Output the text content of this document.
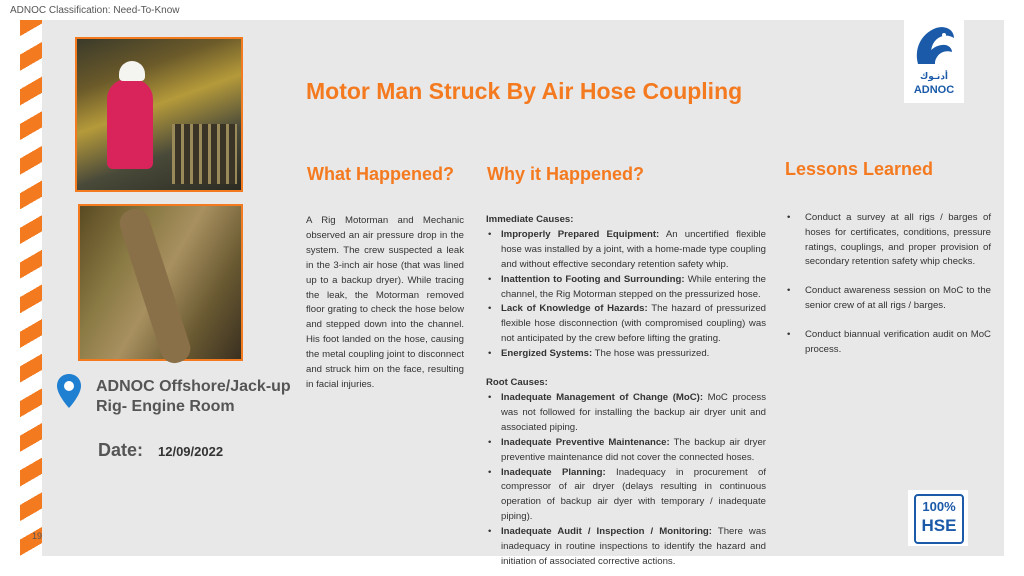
ADNOC Classification: Need-To-Know
Motor Man Struck By Air Hose Coupling
What Happened?	Why it Happened?	Lessons Learned
A Rig Motorman and Mechanic observed an air pressure drop in the system. The crew suspected a leak in the 3-inch air hose (that was lined up to a backup dryer). While tracing the leak, the Motorman removed floor grating to check the hose below and stepped down into the channel. His foot landed on the hose, causing the metal coupling joint to disconnect and struck him on the face, resulting in facial injuries.
Immediate Causes:
• Improperly Prepared Equipment: An uncertified flexible hose was installed by a joint, with a home-made type coupling and without effective secondary retention safety whip.
• Inattention to Footing and Surrounding: While entering the channel, the Rig Motorman stepped on the pressurized hose.
• Lack of Knowledge of Hazards: The hazard of pressurized flexible hose disconnection (with compromised coupling) was not anticipated by the crew before lifting the grating.
• Energized Systems: The hose was pressurized.
Root Causes:
• Inadequate Management of Change (MoC): MoC process was not followed for installing the backup air dryer unit and associated piping.
• Inadequate Preventive Maintenance: The backup air dryer preventive maintenance did not cover the connected hoses.
• Inadequate Planning: Inadequacy in procurement of compressor of air dryer (delays resulting in continuous operation of backup air dyer with temporary / inadequate piping).
• Inadequate Audit / Inspection / Monitoring: There was inadequacy in routine inspections to identify the hazard and initiation of associated corrective actions.
• Conduct a survey at all rigs / barges of hoses for certificates, conditions, pressure ratings, couplings, and proper provision of secondary retention safety whip checks.
• Conduct awareness session on MoC to the senior crew of at all rigs / barges.
• Conduct biannual verification audit on MoC process.
ADNOC Offshore/Jack-up Rig- Engine Room
Date: 12/09/2022
19
أدنـوك
ADNOC
100%
HSE
